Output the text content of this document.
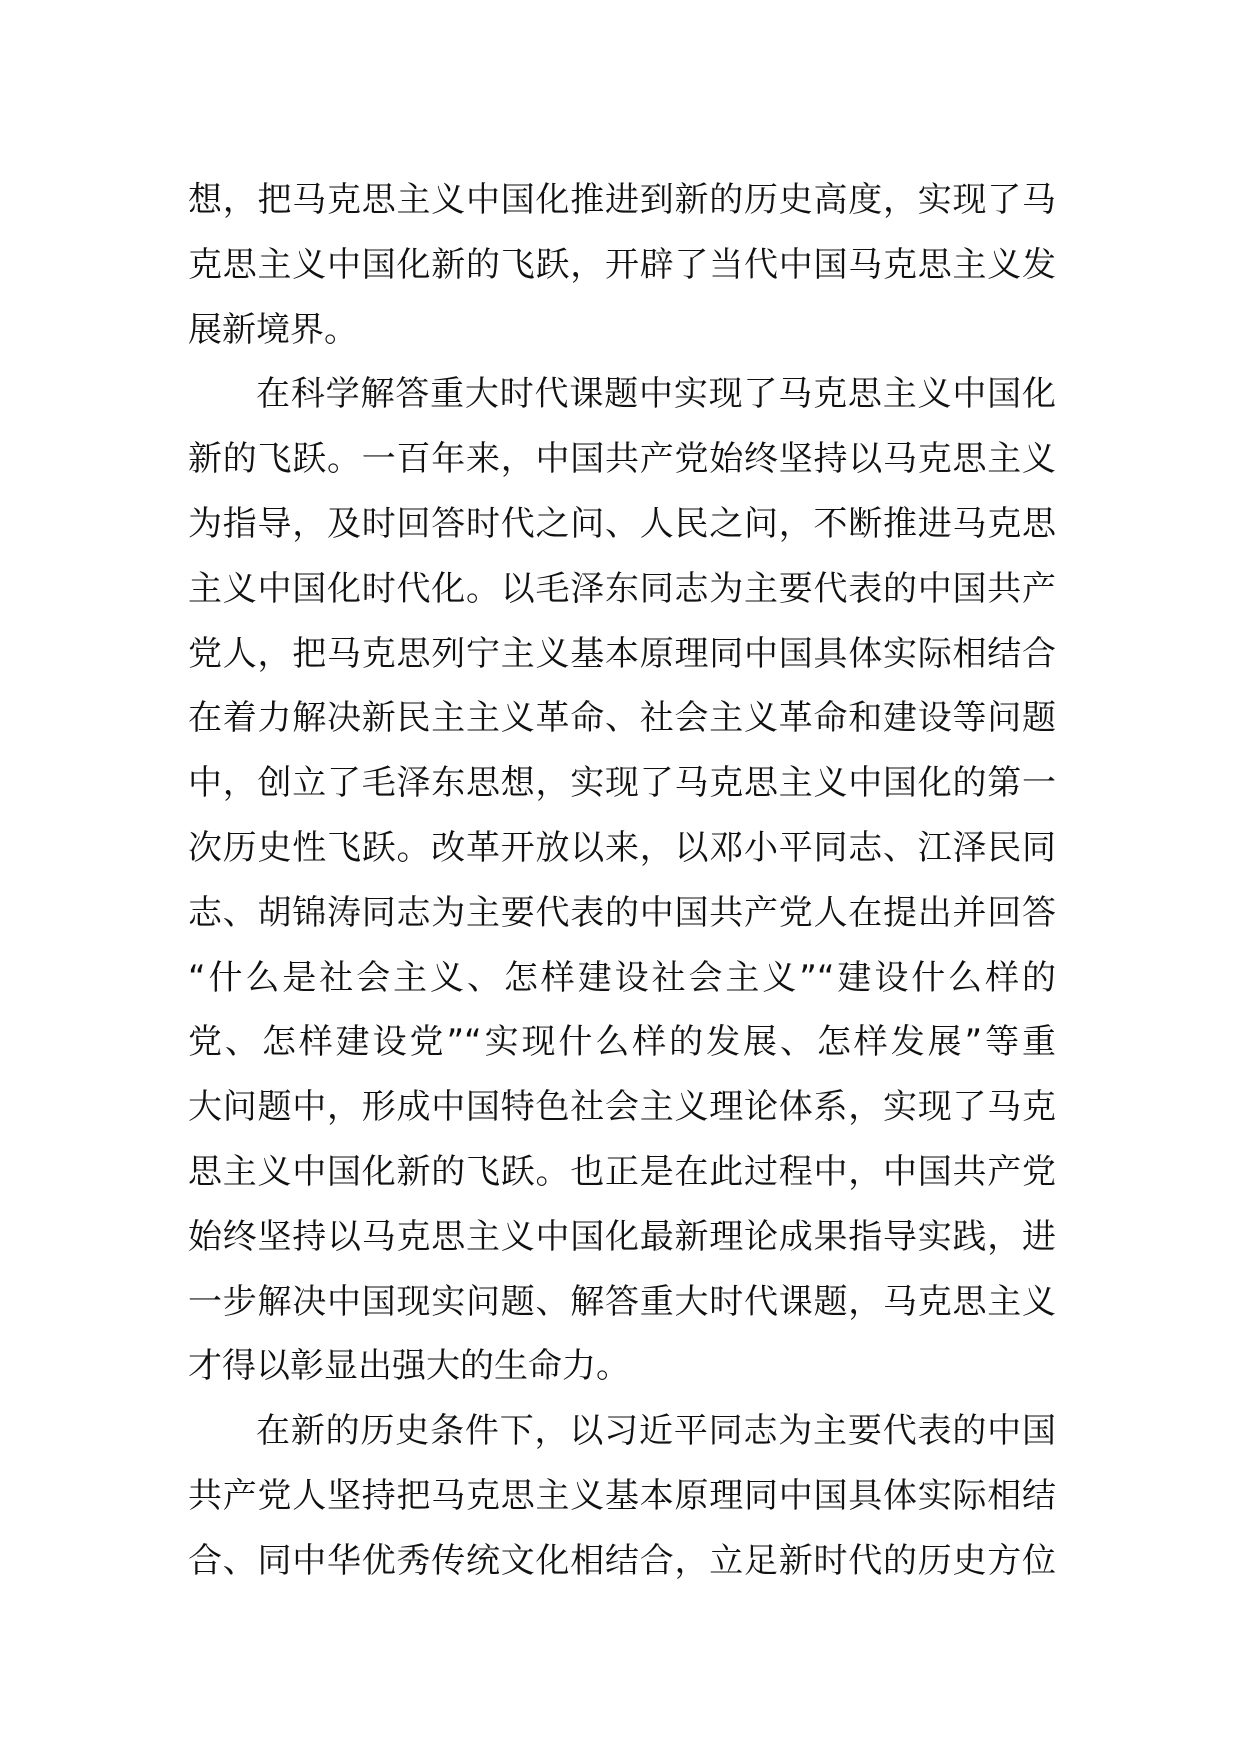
想，把马克思主义中国化推进到新的历史高度，实现了马
克思主义中国化新的飞跃，开辟了当代中国马克思主义发
展新境界。
在科学解答重大时代课题中实现了马克思主义中国化
新的飞跃。一百年来，中国共产党始终坚持以马克思主义
为指导，及时回答时代之问、人民之问，不断推进马克思
主义中国化时代化。以毛泽东同志为主要代表的中国共产
党人，把马克思列宁主义基本原理同中国具体实际相结合
在着力解决新民主主义革命、社会主义革命和建设等问题
中，创立了毛泽东思想，实现了马克思主义中国化的第一
次历史性飞跃。改革开放以来，以邓小平同志、江泽民同
志、胡锦涛同志为主要代表的中国共产党人在提出并回答
“什么是社会主义、怎样建设社会主义”“建设什么样的
党、怎样建设党”“实现什么样的发展、怎样发展”等重
大问题中，形成中国特色社会主义理论体系，实现了马克
思主义中国化新的飞跃。也正是在此过程中，中国共产党
始终坚持以马克思主义中国化最新理论成果指导实践，进
一步解决中国现实问题、解答重大时代课题，马克思主义
才得以彰显出强大的生命力。
在新的历史条件下，以习近平同志为主要代表的中国
共产党人坚持把马克思主义基本原理同中国具体实际相结
合、同中华优秀传统文化相结合，立足新时代的历史方位
